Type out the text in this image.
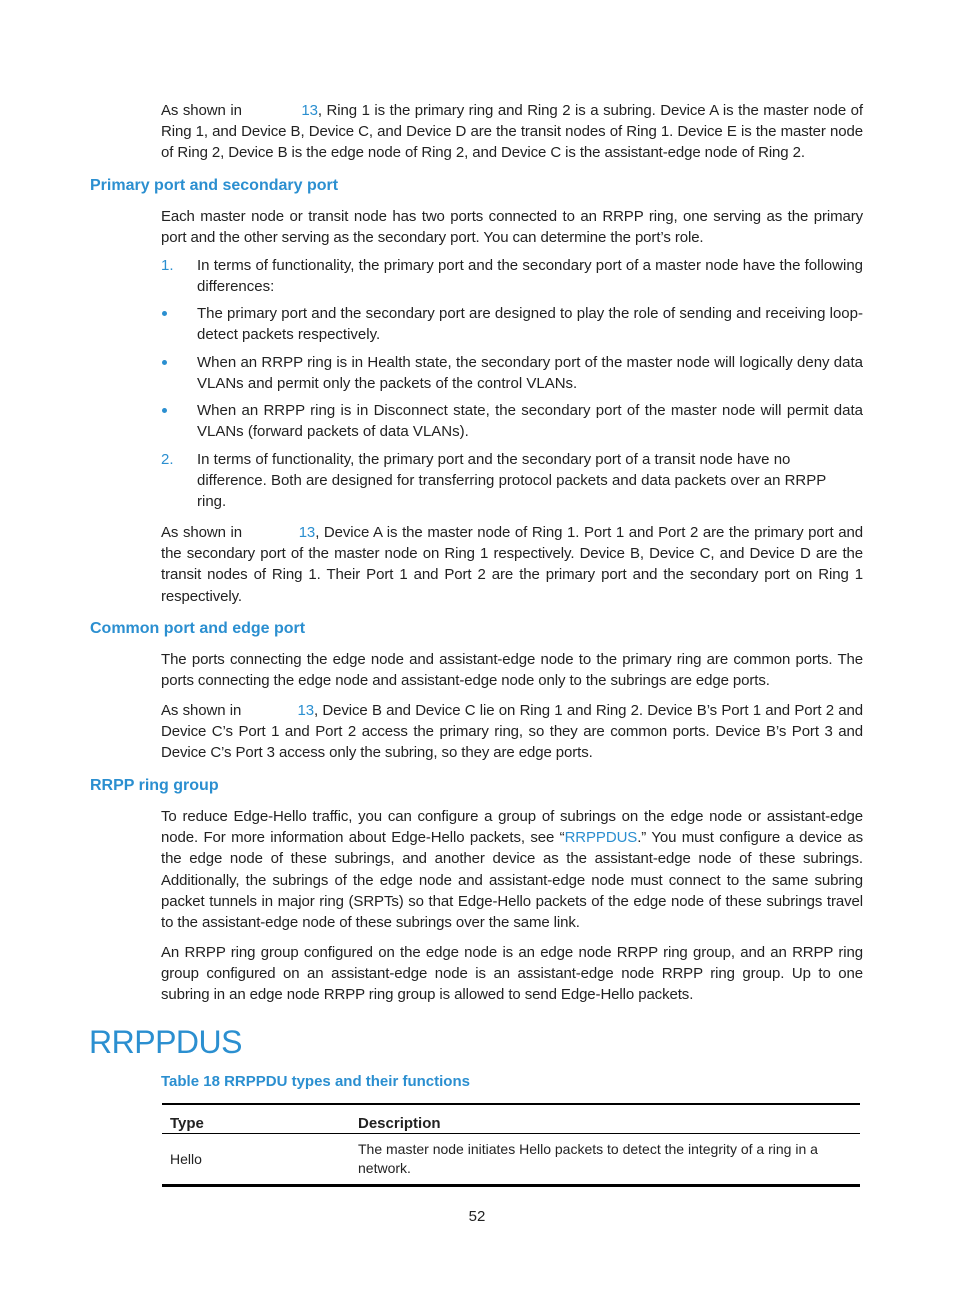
As shown in	13, Ring 1 is the primary ring and Ring 2 is a subring. Device A is the master node of Ring 1, and Device B, Device C, and Device D are the transit nodes of Ring 1. Device E is the master node of Ring 2, Device B is the edge node of Ring 2, and Device C is the assistant-edge node of Ring 2.

Primary port and secondary port

Each master node or transit node has two ports connected to an RRPP ring, one serving as the primary port and the other serving as the secondary port. You can determine the port’s role.

1.	In terms of functionality, the primary port and the secondary port of a master node have the following differences:
The primary port and the secondary port are designed to play the role of sending and receiving loop-detect packets respectively.
When an RRPP ring is in Health state, the secondary port of the master node will logically deny data VLANs and permit only the packets of the control VLANs.
When an RRPP ring is in Disconnect state, the secondary port of the master node will permit data VLANs (forward packets of data VLANs).
2.	In terms of functionality, the primary port and the secondary port of a transit node have no difference. Both are designed for transferring protocol packets and data packets over an RRPP ring.

As shown in	13, Device A is the master node of Ring 1. Port 1 and Port 2 are the primary port and the secondary port of the master node on Ring 1 respectively. Device B, Device C, and Device D are the transit nodes of Ring 1. Their Port 1 and Port 2 are the primary port and the secondary port on Ring 1 respectively.

Common port and edge port

The ports connecting the edge node and assistant-edge node to the primary ring are common ports. The ports connecting the edge node and assistant-edge node only to the subrings are edge ports.

As shown in	13, Device B and Device C lie on Ring 1 and Ring 2. Device B’s Port 1 and Port 2 and Device C’s Port 1 and Port 2 access the primary ring, so they are common ports. Device B’s Port 3 and Device C’s Port 3 access only the subring, so they are edge ports.

RRPP ring group

To reduce Edge-Hello traffic, you can configure a group of subrings on the edge node or assistant-edge node. For more information about Edge-Hello packets, see “RRPPDUS.” You must configure a device as the edge node of these subrings, and another device as the assistant-edge node of these subrings. Additionally, the subrings of the edge node and assistant-edge node must connect to the same subring packet tunnels in major ring (SRPTs) so that Edge-Hello packets of the edge node of these subrings travel to the assistant-edge node of these subrings over the same link.

An RRPP ring group configured on the edge node is an edge node RRPP ring group, and an RRPP ring group configured on an assistant-edge node is an assistant-edge node RRPP ring group. Up to one subring in an edge node RRPP ring group is allowed to send Edge-Hello packets.

RRPPDUS
Table 18 RRPPDU types and their functions
Type	Description
Hello	The master node initiates Hello packets to detect the integrity of a ring in a network.
52
